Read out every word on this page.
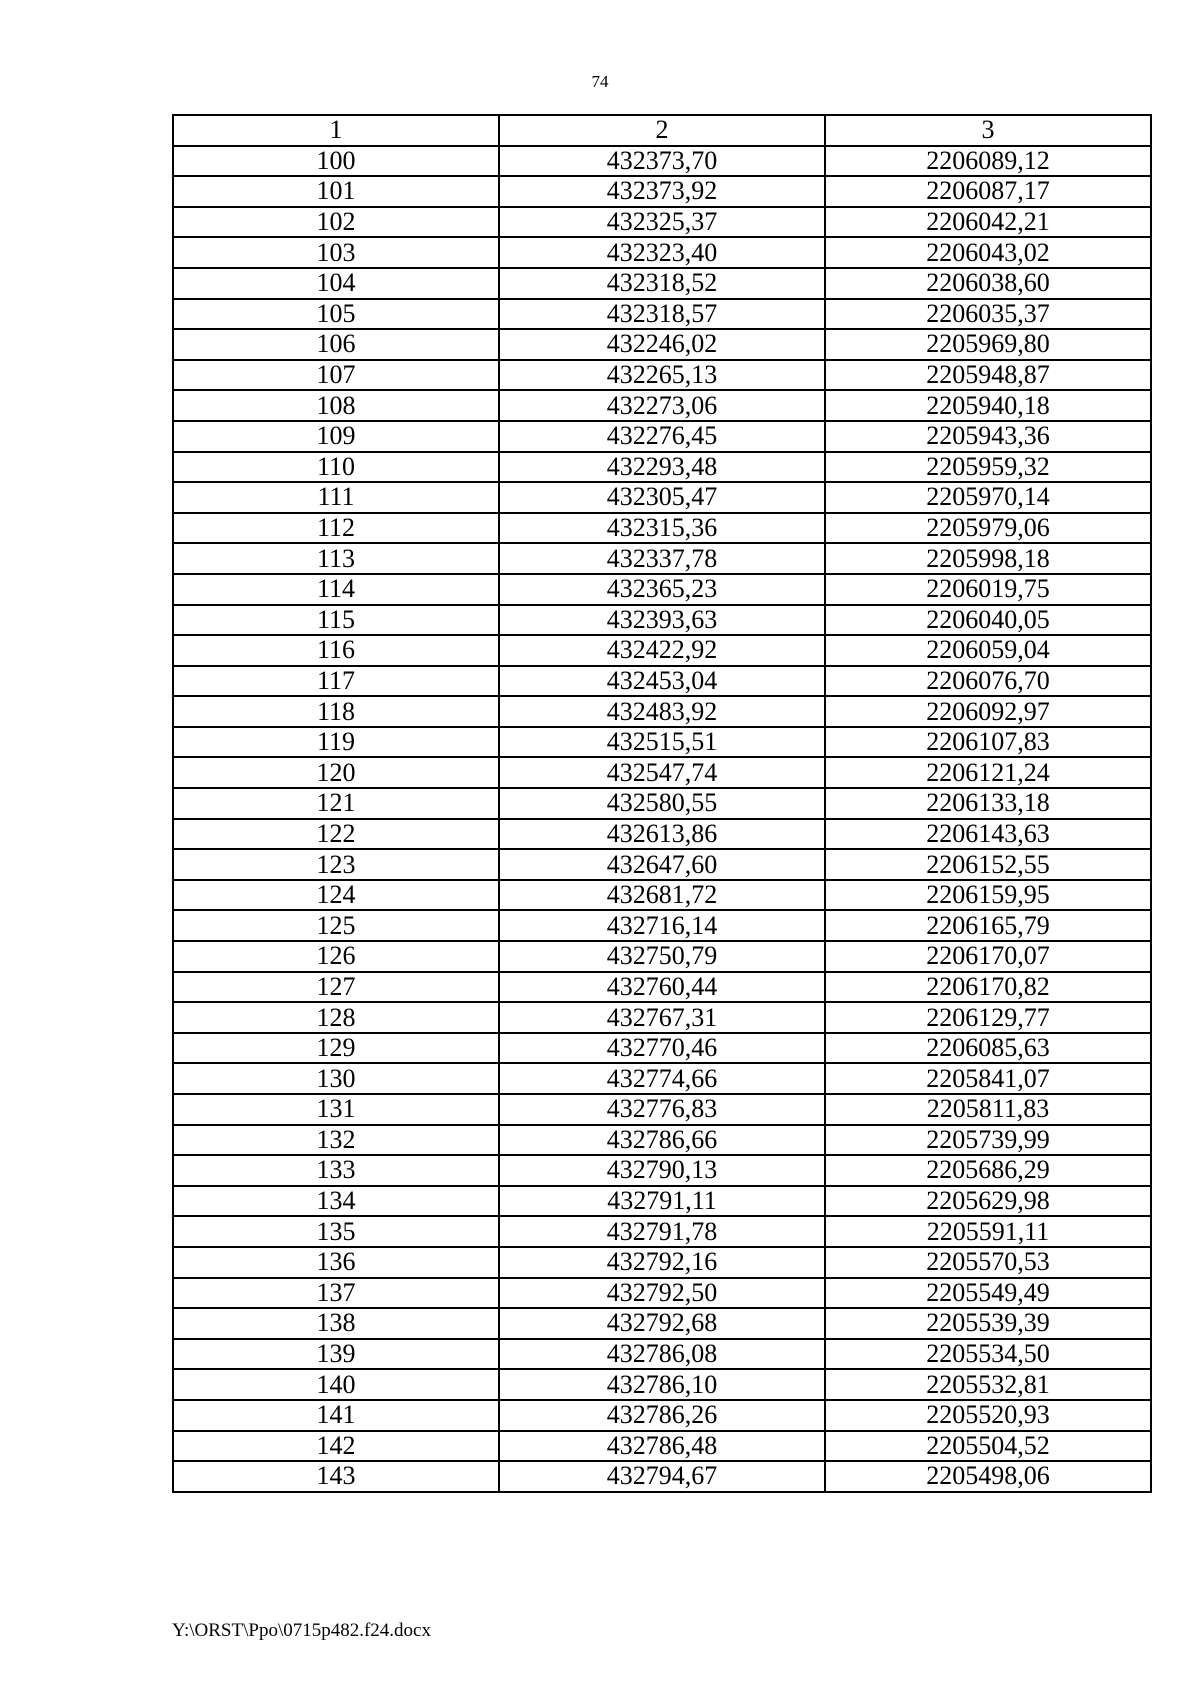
74
1	2	3
100	432373,70	2206089,12
101	432373,92	2206087,17
102	432325,37	2206042,21
103	432323,40	2206043,02
104	432318,52	2206038,60
105	432318,57	2206035,37
106	432246,02	2205969,80
107	432265,13	2205948,87
108	432273,06	2205940,18
109	432276,45	2205943,36
110	432293,48	2205959,32
111	432305,47	2205970,14
112	432315,36	2205979,06
113	432337,78	2205998,18
114	432365,23	2206019,75
115	432393,63	2206040,05
116	432422,92	2206059,04
117	432453,04	2206076,70
118	432483,92	2206092,97
119	432515,51	2206107,83
120	432547,74	2206121,24
121	432580,55	2206133,18
122	432613,86	2206143,63
123	432647,60	2206152,55
124	432681,72	2206159,95
125	432716,14	2206165,79
126	432750,79	2206170,07
127	432760,44	2206170,82
128	432767,31	2206129,77
129	432770,46	2206085,63
130	432774,66	2205841,07
131	432776,83	2205811,83
132	432786,66	2205739,99
133	432790,13	2205686,29
134	432791,11	2205629,98
135	432791,78	2205591,11
136	432792,16	2205570,53
137	432792,50	2205549,49
138	432792,68	2205539,39
139	432786,08	2205534,50
140	432786,10	2205532,81
141	432786,26	2205520,93
142	432786,48	2205504,52
143	432794,67	2205498,06
Y:\ORST\Ppo\0715p482.f24.docx
